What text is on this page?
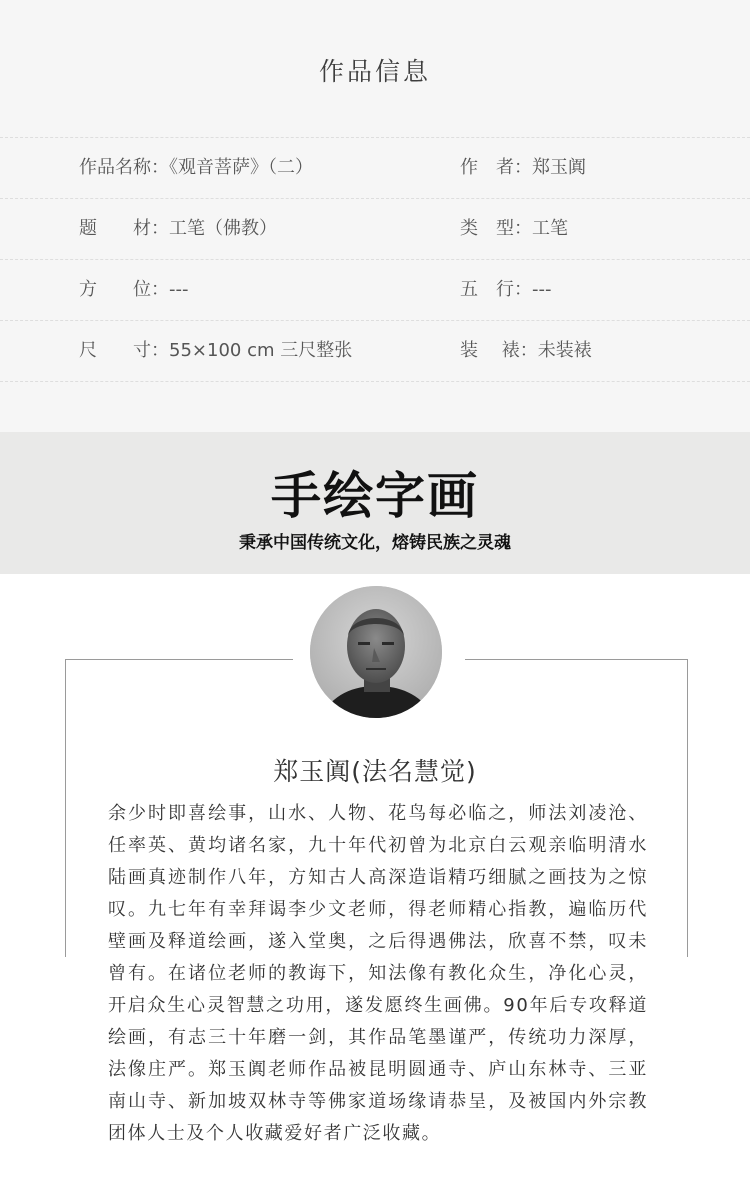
作品信息
作品名称：《观音菩萨》（二）	作　者：郑玉阗
题　　材：工笔（佛教）	类　型：工笔
方　　位：---	五　行：---
尺　　寸：55×100 cm 三尺整张	装　 裱：未装裱
手绘字画
秉承中国传统文化，熔铸民族之灵魂
郑玉阗(法名慧觉)
余少时即喜绘事，山水、人物、花鸟每必临之，师法刘凌沧、任率英、黄均诸名家，九十年代初曾为北京白云观亲临明清水陆画真迹制作八年，方知古人高深造诣精巧细腻之画技为之惊叹。九七年有幸拜谒李少文老师，得老师精心指教，遍临历代壁画及释道绘画，遂入堂奥，之后得遇佛法，欣喜不禁，叹未曾有。在诸位老师的教诲下，知法像有教化众生，净化心灵，开启众生心灵智慧之功用，遂发愿终生画佛。90年后专攻释道绘画，有志三十年磨一剑，其作品笔墨谨严，传统功力深厚，法像庄严。郑玉阗老师作品被昆明圆通寺、庐山东林寺、三亚南山寺、新加坡双林寺等佛家道场缘请恭呈，及被国内外宗教团体人士及个人收藏爱好者广泛收藏。
